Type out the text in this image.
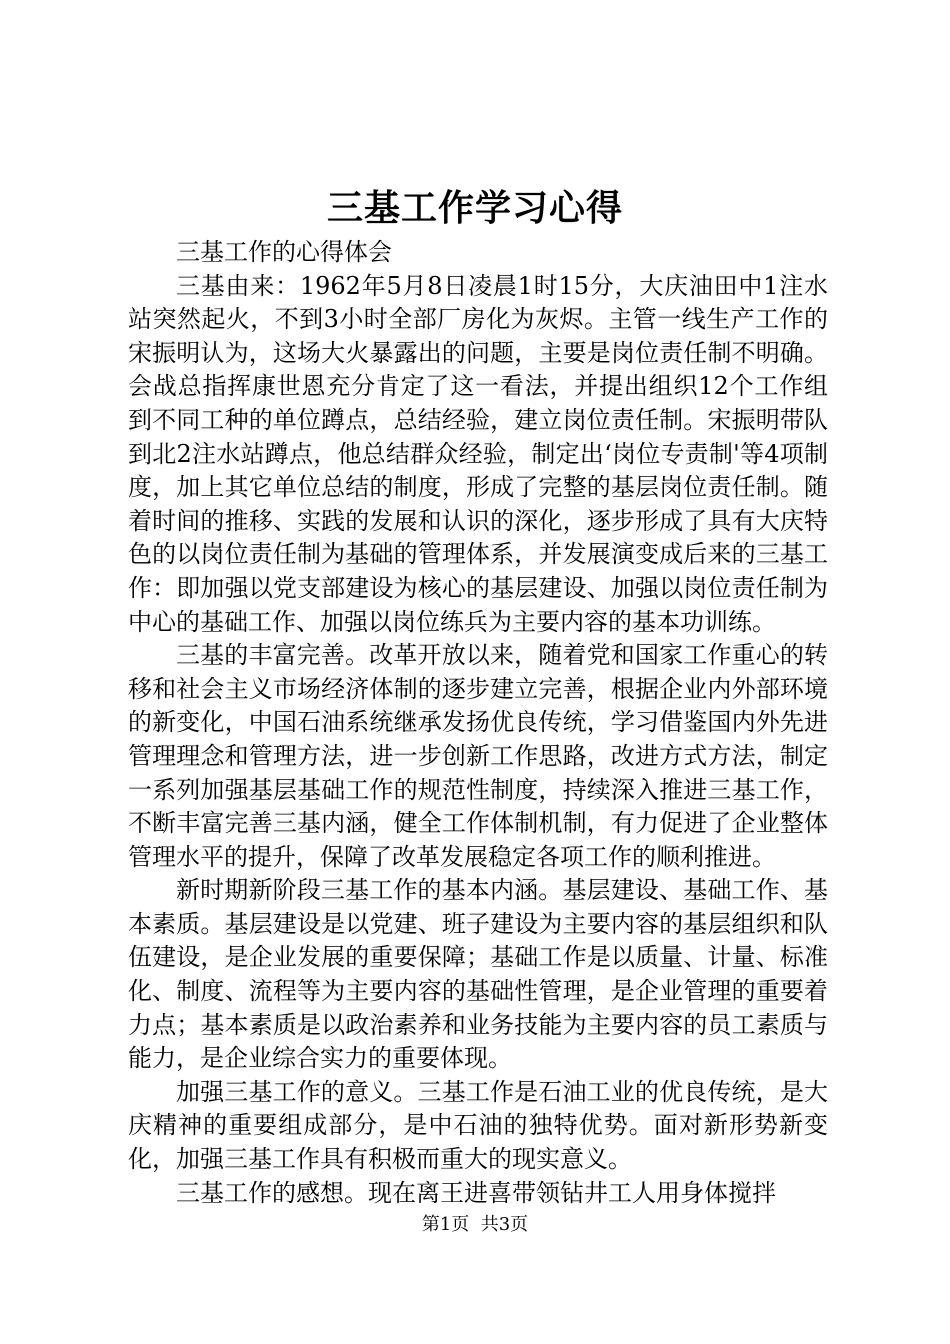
三基工作学习心得

三基工作的心得体会

三基由来：1962年5月8日凌晨1时15分，大庆油田中1注水站突然起火，不到3小时全部厂房化为灰烬。主管一线生产工作的宋振明认为，这场大火暴露出的问题，主要是岗位责任制不明确。会战总指挥康世恩充分肯定了这一看法，并提出组织12个工作组到不同工种的单位蹲点，总结经验，建立岗位责任制。宋振明带队到北2注水站蹲点，他总结群众经验，制定出‘岗位专责制'等4项制度，加上其它单位总结的制度，形成了完整的基层岗位责任制。随着时间的推移、实践的发展和认识的深化，逐步形成了具有大庆特色的以岗位责任制为基础的管理体系，并发展演变成后来的三基工作：即加强以党支部建设为核心的基层建设、加强以岗位责任制为中心的基础工作、加强以岗位练兵为主要内容的基本功训练。

三基的丰富完善。改革开放以来，随着党和国家工作重心的转移和社会主义市场经济体制的逐步建立完善，根据企业内外部环境的新变化，中国石油系统继承发扬优良传统，学习借鉴国内外先进管理理念和管理方法，进一步创新工作思路，改进方式方法，制定一系列加强基层基础工作的规范性制度，持续深入推进三基工作，不断丰富完善三基内涵，健全工作体制机制，有力促进了企业整体管理水平的提升，保障了改革发展稳定各项工作的顺利推进。

新时期新阶段三基工作的基本内涵。基层建设、基础工作、基本素质。基层建设是以党建、班子建设为主要内容的基层组织和队伍建设，是企业发展的重要保障；基础工作是以质量、计量、标准化、制度、流程等为主要内容的基础性管理，是企业管理的重要着力点；基本素质是以政治素养和业务技能为主要内容的员工素质与能力，是企业综合实力的重要体现。

加强三基工作的意义。三基工作是石油工业的优良传统，是大庆精神的重要组成部分，是中石油的独特优势。面对新形势新变化，加强三基工作具有积极而重大的现实意义。

三基工作的感想。现在离王进喜带领钻井工人用身体搅拌

第1页  共3页
